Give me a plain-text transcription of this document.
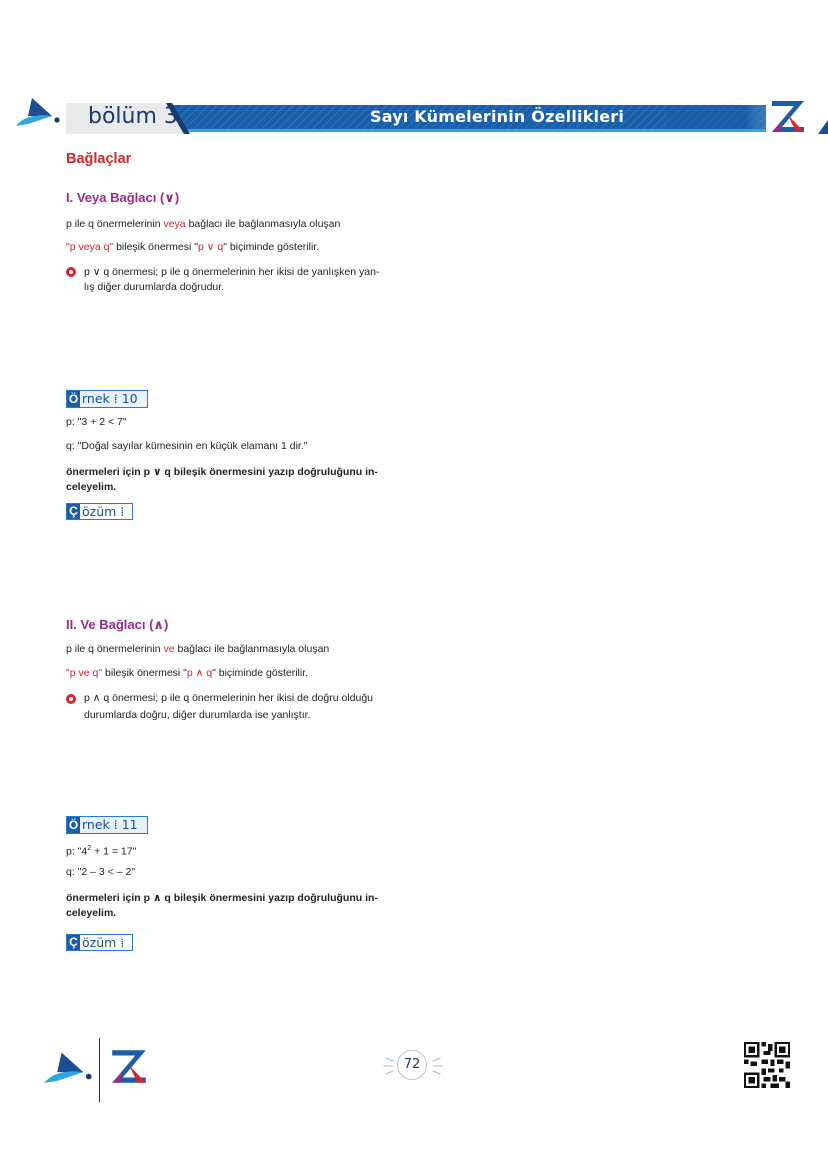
bölüm 3	Sayı Kümelerinin Özellikleri
Bağlaçlar
I. Veya Bağlacı (∨)
p ile q önermelerinin veya bağlacı ile bağlanmasıyla oluşan
"p veya q" bileşik önermesi "p ∨ q" biçiminde gösterilir.
p ∨ q önermesi; p ile q önermelerinin her ikisi de yanlışken yan-
lış diğer durumlarda doğrudur.
Ö rnek ⁞ 10
p: "3 + 2 < 7"
q: "Doğal sayılar kümesinin en küçük elamanı 1 dir."
önermeleri için p ∨ q bileşik önermesini yazıp doğruluğunu in-
celeyelim.
Ç özüm ⁞
II. Ve Bağlacı (∧)
p ile q önermelerinin ve bağlacı ile bağlanmasıyla oluşan
"p ve q" bileşik önermesi "p ∧ q" biçiminde gösterilir.
p ∧ q önermesi; p ile q önermelerinin her ikisi de doğru olduğu
durumlarda doğru, diğer durumlarda ise yanlıştır.
Ö rnek ⁞ 11
p: "$4^2 + 1 = 17$"
q: "2 – 3 < – 2"
önermeleri için p ∧ q bileşik önermesini yazıp doğruluğunu in-
celeyelim.
Ç özüm ⁞
72
